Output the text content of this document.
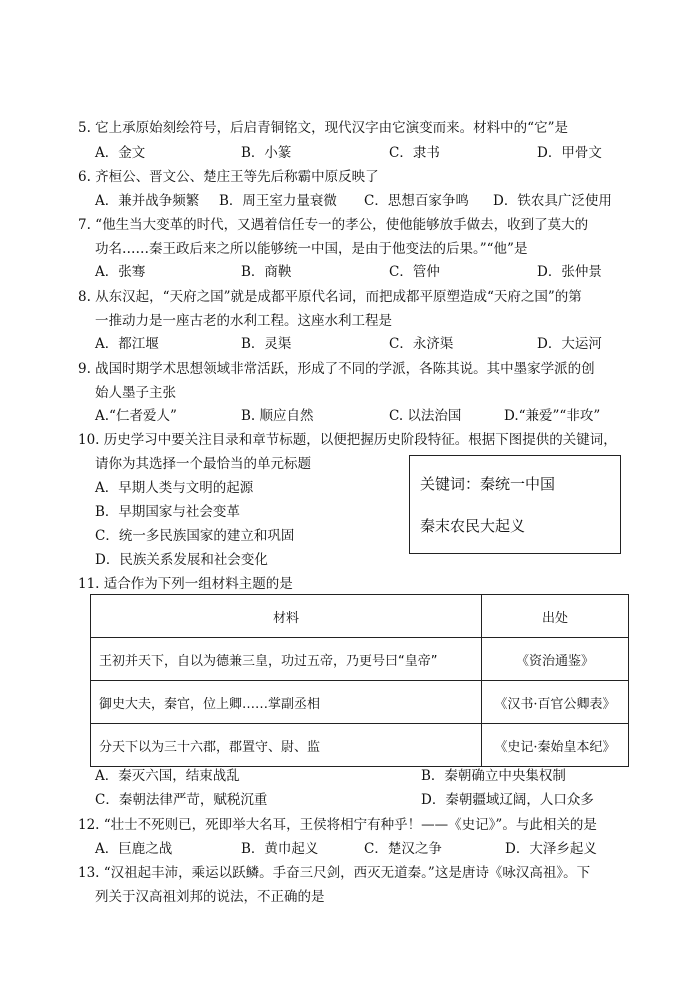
5. 它上承原始刻绘符号，后启青铜铭文，现代汉字由它演变而来。材料中的“它”是
A．金文	B．小篆	C．隶书	D．甲骨文
6. 齐桓公、晋文公、楚庄王等先后称霸中原反映了
A．兼并战争频繁 B．周王室力量衰微 C．思想百家争鸣 D．铁农具广泛使用
7. “他生当大变革的时代，又遇着信任专一的孝公，使他能够放手做去，收到了莫大的
功名……秦王政后来之所以能够统一中国，是由于他变法的后果。”“他”是
A．张骞	B．商鞅	C．管仲	D．张仲景
8. 从东汉起，“天府之国”就是成都平原代名词，而把成都平原塑造成“天府之国”的第
一推动力是一座古老的水利工程。这座水利工程是
A．都江堰	B．灵渠	C．永济渠	D．大运河
9. 战国时期学术思想领域非常活跃，形成了不同的学派，各陈其说。其中墨家学派的创
始人墨子主张
A.“仁者爱人”	B. 顺应自然	C. 以法治国	D.“兼爱”“非攻”
10. 历史学习中要关注目录和章节标题，以便把握历史阶段特征。根据下图提供的关键词，
请你为其选择一个最恰当的单元标题
A．早期人类与文明的起源
B．早期国家与社会变革
C．统一多民族国家的建立和巩固
D．民族关系发展和社会变化
关键词：秦统一中国
秦末农民大起义
11. 适合作为下列一组材料主题的是
材料	出处
王初并天下，自以为德兼三皇，功过五帝，乃更号曰“皇帝”	《资治通鉴》
御史大夫，秦官，位上卿……掌副丞相	《汉书·百官公卿表》
分天下以为三十六郡，郡置守、尉、监	《史记·秦始皇本纪》
A．秦灭六国，结束战乱	B．秦朝确立中央集权制
C．秦朝法律严苛，赋税沉重	D．秦朝疆域辽阔，人口众多
12. “壮士不死则已，死即举大名耳，王侯将相宁有种乎！——《史记》”。与此相关的是
A．巨鹿之战	B．黄巾起义	C．楚汉之争	D．大泽乡起义
13. “汉祖起丰沛，乘运以跃鳞。手奋三尺剑，西灭无道秦。”这是唐诗《咏汉高祖》。下
列关于汉高祖刘邦的说法，不正确的是
